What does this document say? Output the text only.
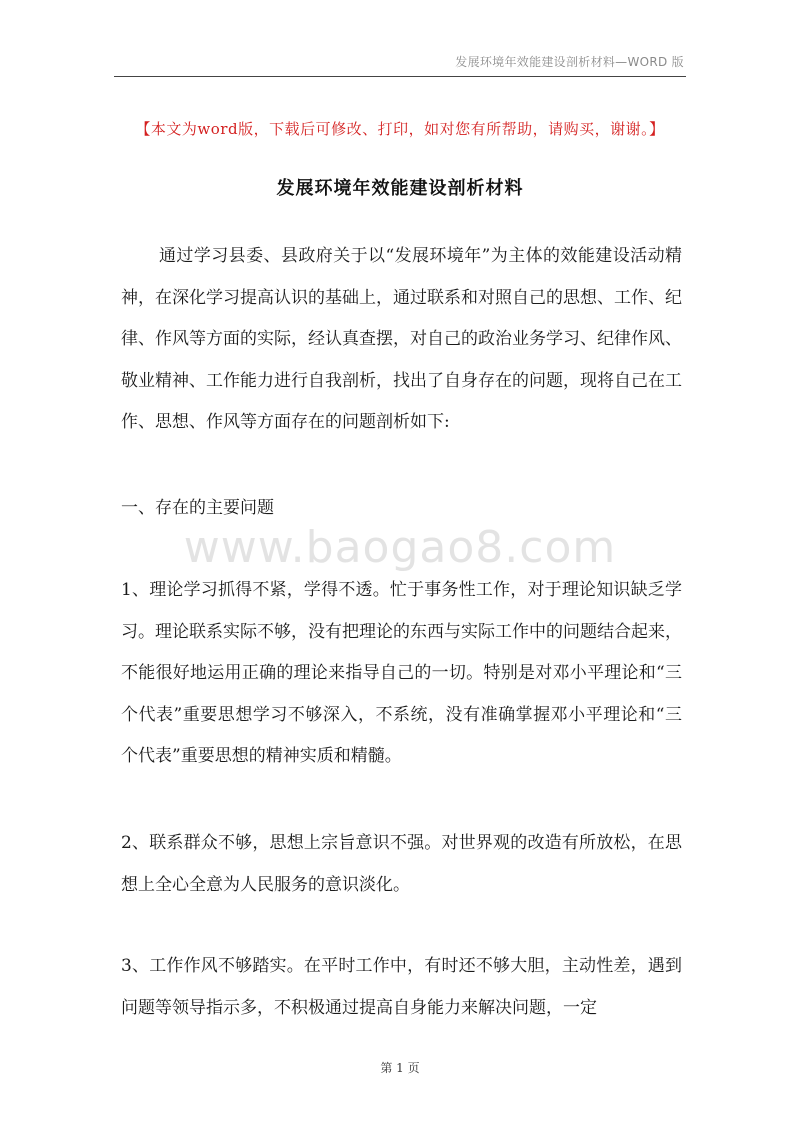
发展环境年效能建设剖析材料—WORD 版
【本文为word版，下载后可修改、打印，如对您有所帮助，请购买，谢谢。】
发展环境年效能建设剖析材料
通过学习县委、县政府关于以“发展环境年”为主体的效能建设活动精神，在深化学习提高认识的基础上，通过联系和对照自己的思想、工作、纪律、作风等方面的实际，经认真查摆，对自己的政治业务学习、纪律作风、敬业精神、工作能力进行自我剖析，找出了自身存在的问题，现将自己在工作、思想、作风等方面存在的问题剖析如下:
一、存在的主要问题
www.baogao8.com
1、理论学习抓得不紧，学得不透。忙于事务性工作，对于理论知识缺乏学习。理论联系实际不够，没有把理论的东西与实际工作中的问题结合起来，不能很好地运用正确的理论来指导自己的一切。特别是对邓小平理论和“三个代表”重要思想学习不够深入，不系统，没有准确掌握邓小平理论和“三个代表”重要思想的精神实质和精髓。
2、联系群众不够，思想上宗旨意识不强。对世界观的改造有所放松，在思想上全心全意为人民服务的意识淡化。
3、工作作风不够踏实。在平时工作中，有时还不够大胆，主动性差，遇到问题等领导指示多，不积极通过提高自身能力来解决问题，一定
第 1 页
